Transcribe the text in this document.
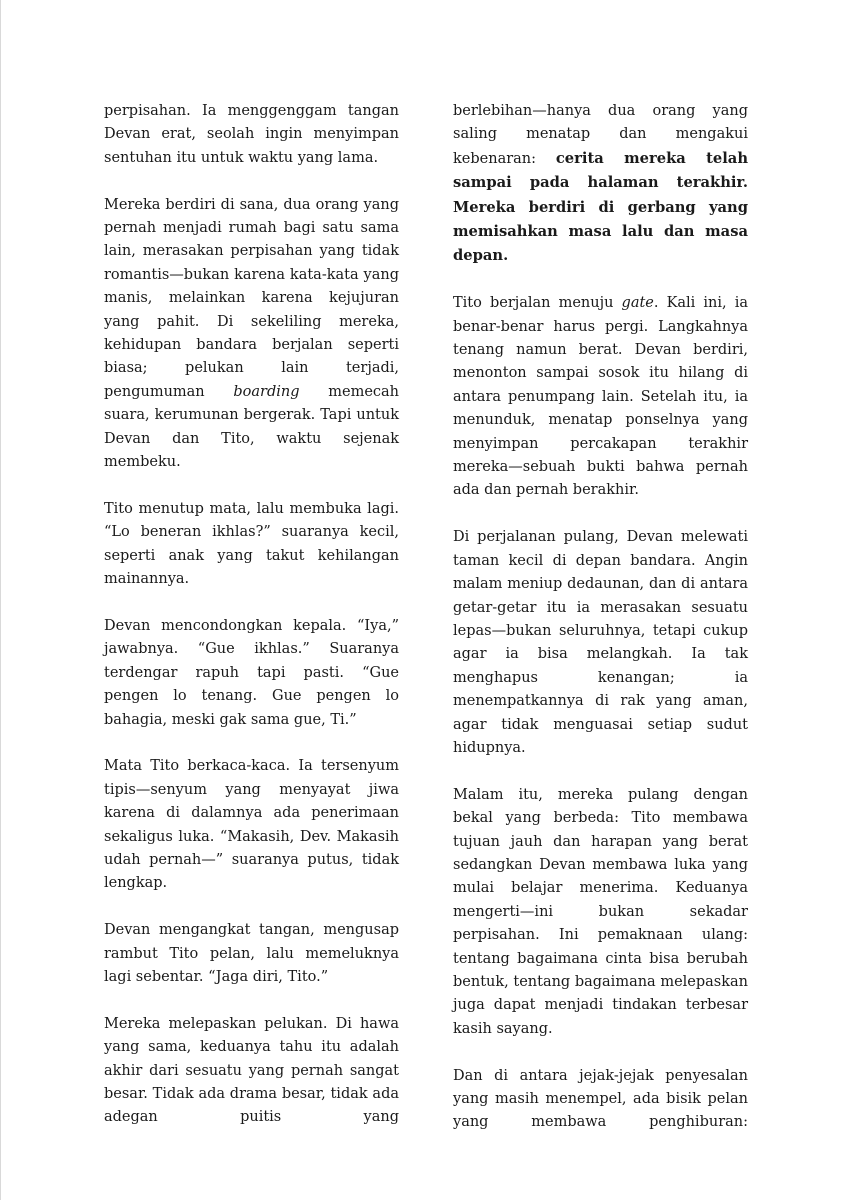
perpisahan. Ia menggenggam tangan Devan erat, seolah ingin menyimpan sentuhan itu untuk waktu yang lama.

Mereka berdiri di sana, dua orang yang pernah menjadi rumah bagi satu sama lain, merasakan perpisahan yang tidak romantis—bukan karena kata-kata yang manis, melainkan karena kejujuran yang pahit. Di sekeliling mereka, kehidupan bandara berjalan seperti biasa; pelukan lain terjadi, pengumuman boarding memecah suara, kerumunan bergerak. Tapi untuk Devan dan Tito, waktu sejenak membeku.

Tito menutup mata, lalu membuka lagi. “Lo beneran ikhlas?” suaranya kecil, seperti anak yang takut kehilangan mainannya.

Devan mencondongkan kepala. “Iya,” jawabnya. “Gue ikhlas.” Suaranya terdengar rapuh tapi pasti. “Gue pengen lo tenang. Gue pengen lo bahagia, meski gak sama gue, Ti.”

Mata Tito berkaca-kaca. Ia tersenyum tipis—senyum yang menyayat jiwa karena di dalamnya ada penerimaan sekaligus luka. “Makasih, Dev. Makasih udah pernah—” suaranya putus, tidak lengkap.

Devan mengangkat tangan, mengusap rambut Tito pelan, lalu memeluknya lagi sebentar. “Jaga diri, Tito.”

Mereka melepaskan pelukan. Di hawa yang sama, keduanya tahu itu adalah akhir dari sesuatu yang pernah sangat besar. Tidak ada drama besar, tidak ada adegan puitis yang

berlebihan—hanya dua orang yang saling menatap dan mengakui kebenaran: cerita mereka telah sampai pada halaman terakhir. Mereka berdiri di gerbang yang memisahkan masa lalu dan masa depan.

Tito berjalan menuju gate. Kali ini, ia benar-benar harus pergi. Langkahnya tenang namun berat. Devan berdiri, menonton sampai sosok itu hilang di antara penumpang lain. Setelah itu, ia menunduk, menatap ponselnya yang menyimpan percakapan terakhir mereka—sebuah bukti bahwa pernah ada dan pernah berakhir.

Di perjalanan pulang, Devan melewati taman kecil di depan bandara. Angin malam meniup dedaunan, dan di antara getar-getar itu ia merasakan sesuatu lepas—bukan seluruhnya, tetapi cukup agar ia bisa melangkah. Ia tak menghapus kenangan; ia menempatkannya di rak yang aman, agar tidak menguasai setiap sudut hidupnya.

Malam itu, mereka pulang dengan bekal yang berbeda: Tito membawa tujuan jauh dan harapan yang berat sedangkan Devan membawa luka yang mulai belajar menerima. Keduanya mengerti—ini bukan sekadar perpisahan. Ini pemaknaan ulang: tentang bagaimana cinta bisa berubah bentuk, tentang bagaimana melepaskan juga dapat menjadi tindakan terbesar kasih sayang.

Dan di antara jejak-jejak penyesalan yang masih menempel, ada bisik pelan yang membawa penghiburan:
